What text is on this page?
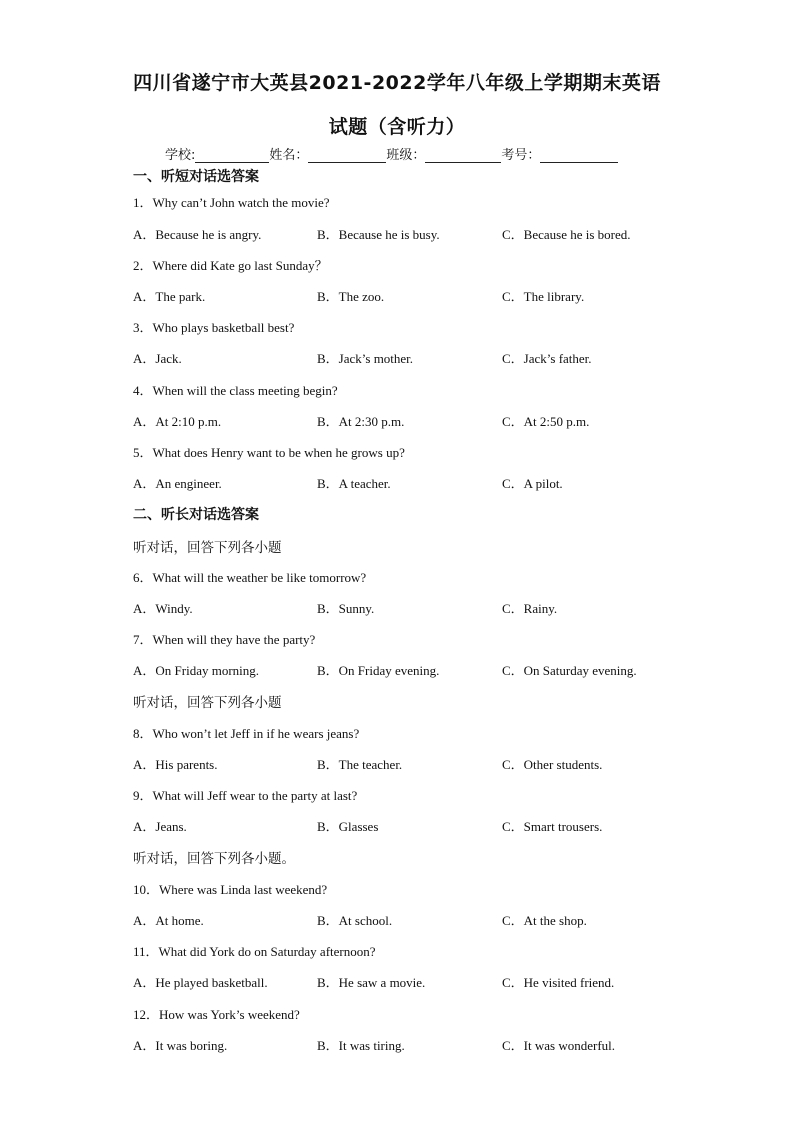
四川省遂宁市大英县2021-2022学年八年级上学期期末英语
试题（含听力）
学校:	姓名：	班级：	考号：
一、听短对话选答案
1．Why can’t John watch the movie?
A．Because he is angry.	B．Because he is busy.	C．Because he is bored.
2．Where did Kate go last Sunday？
A．The park.	B．The zoo.	C．The library.
3．Who plays basketball best?
A．Jack.	B．Jack’s mother.	C．Jack’s father.
4．When will the class meeting begin?
A．At 2:10 p.m.	B．At 2:30 p.m.	C．At 2:50 p.m.
5．What does Henry want to be when he grows up?
A．An engineer.	B．A teacher.	C．A pilot.
二、听长对话选答案
听对话，回答下列各小题
6．What will the weather be like tomorrow?
A．Windy.	B．Sunny.	C．Rainy.
7．When will they have the party?
A．On Friday morning.	B．On Friday evening.	C．On Saturday evening.
听对话，回答下列各小题
8．Who won’t let Jeff in if he wears jeans?
A．His parents.	B．The teacher.	C．Other students.
9．What will Jeff wear to the party at last?
A．Jeans.	B．Glasses	C．Smart trousers.
听对话，回答下列各小题。
10．Where was Linda last weekend?
A．At home.	B．At school.	C．At the shop.
11．What did York do on Saturday afternoon?
A．He played basketball.	B．He saw a movie.	C．He visited friend.
12．How was York’s weekend?
A．It was boring.	B．It was tiring.	C．It was wonderful.
